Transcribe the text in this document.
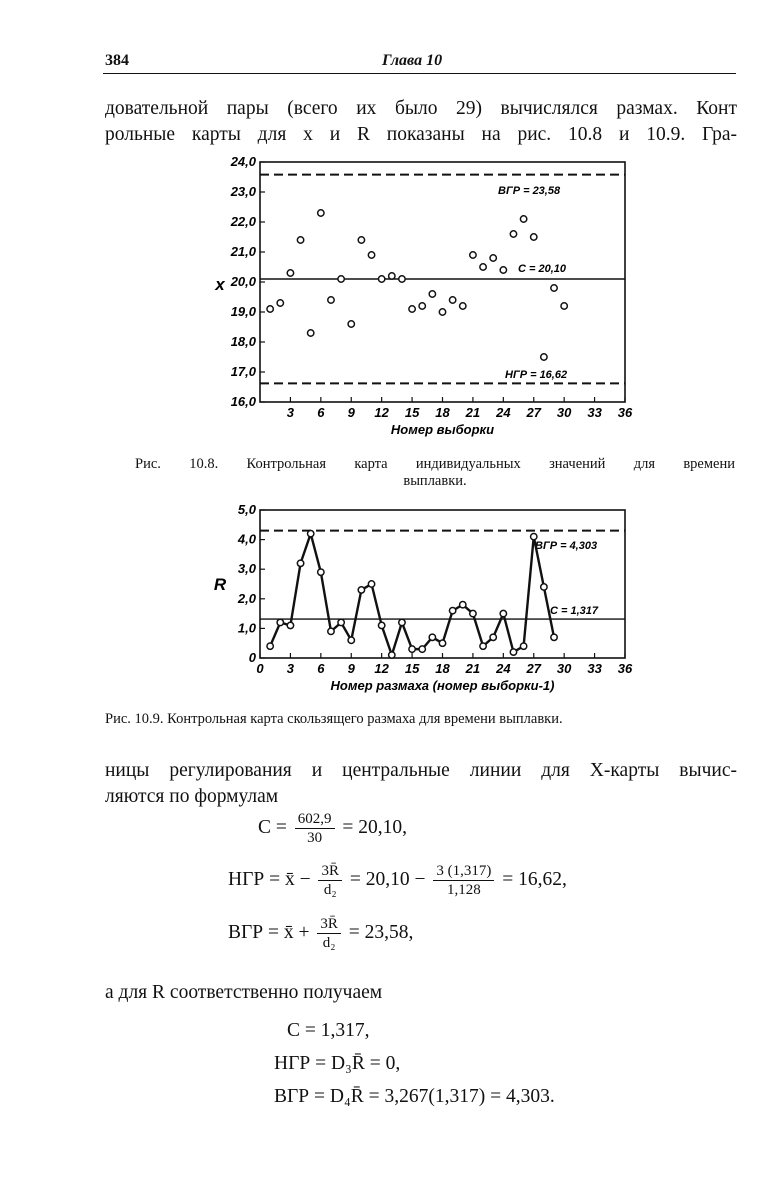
384	Глава 10
довательной пары (всего их было 29) вычислялся размах. Конт
рольные карты для x и R показаны на рис. 10.8 и 10.9. Гра-
16,0
17,0
18,0
19,0
20,0
21,0
22,0
23,0
24,0
3 6 9 12 15 18 21 24 27 30 33 36
Номер выборки
x
ВГР = 23,58
C = 20,10
НГР = 16,62
Рис. 10.8. Контрольная карта индивидуальных значений для времени
выплавки.
0
1,0
2,0
3,0
4,0
5,0
0 3 6 9 12 15 18 21 24 27 30 33 36
Номер размаха (номер выборки-1)
R
ВГР = 4,303
C = 1,317
Рис. 10.9. Контрольная карта скользящего размаха для времени выплавки.
ницы регулирования и центральные линии для X-карты вычис-
ляются по формулам
$C = \frac{602,9}{30} = 20,10$,
НГР = x̄ − $\frac{3R̄}{\text{d₂}} = 20,10 - \frac{3 (1,317)}{1,128} = 16,62$,
ВГР = x̄ + $\frac{3R̄}{\text{d₂}} = 23,58$,
а для R соответственно получаем
C = 1,317,
НГР = D₃R̄ = 0,
ВГР = D₄R̄ = 3,267(1,317) = 4,303.
